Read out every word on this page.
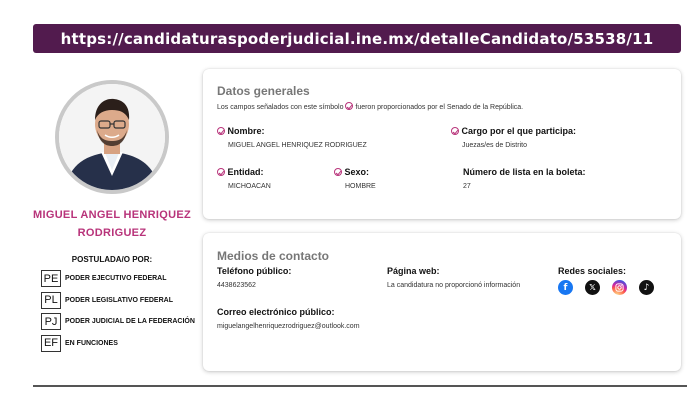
https://candidaturaspoderjudicial.ine.mx/detalleCandidato/53538/11
MIGUEL ANGEL HENRIQUEZ RODRIGUEZ
POSTULADA/O POR:
PE PODER EJECUTIVO FEDERAL
PL	PODER LEGISLATIVO FEDERAL
PJ	PODER JUDICIAL DE LA FEDERACIÓN
EF EN FUNCIONES
Datos generales
Los campos señalados con este símbolo fueron proporcionados por el Senado de la República.
Nombre:
MIGUEL ANGEL HENRIQUEZ RODRIGUEZ
Cargo por el que participa:
Juezas/es de Distrito
Entidad:
MICHOACAN
Sexo:
HOMBRE
Número de lista en la boleta:
27
Medios de contacto
Teléfono público:
4438623562
Página web:
La candidatura no proporcionó información
Redes sociales:
f	𝕏	♪
Correo electrónico público:
miguelangelhenriquezrodriguez@outlook.com
